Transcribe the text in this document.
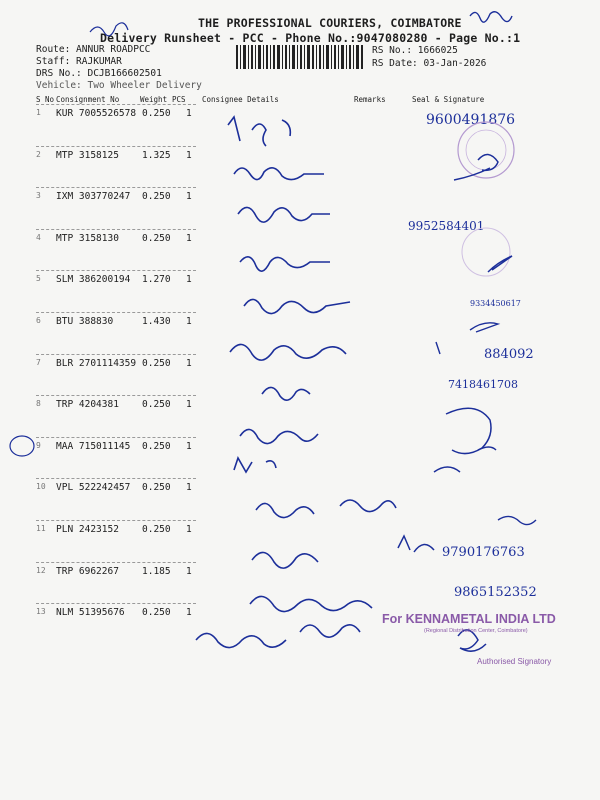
THE PROFESSIONAL COURIERS, COIMBATORE
Delivery Runsheet - PCC - Phone No.:9047080280 - Page No.:1
Route: ANNUR ROADPCC
Staff: RAJKUMAR
DRS No.: DCJB166602501
Vehicle: Two Wheeler Delivery
RS No.: 1666025
RS Date: 03-Jan-2026
S No Consignment No	Weight PCS Consignee Details	Remarks	Seal & Signature
1 KUR 7005526578 0.250 1
2 MTP 3158125 1.325 1
3 IXM 303770247 0.250 1
4 MTP 3158130 0.250 1
5 SLM 386200194 1.270 1
6 BTU 388830	1.430 1
7 BLR 2701114359 0.250 1
8 TRP 4204381 0.250 1
9 MAA 715011145 0.250 1
10 VPL 522242457 0.250 1
11 PLN 2423152 0.250 1
12 TRP 6962267 1.185 1
13 NLM 51395676 0.250 1
9600491876
9952584401
9334450617
884092
7418461708
9790176763
9865152352
For KENNAMETAL INDIA LTD
(Regional Distribution Center, Coimbatore)
Authorised Signatory
